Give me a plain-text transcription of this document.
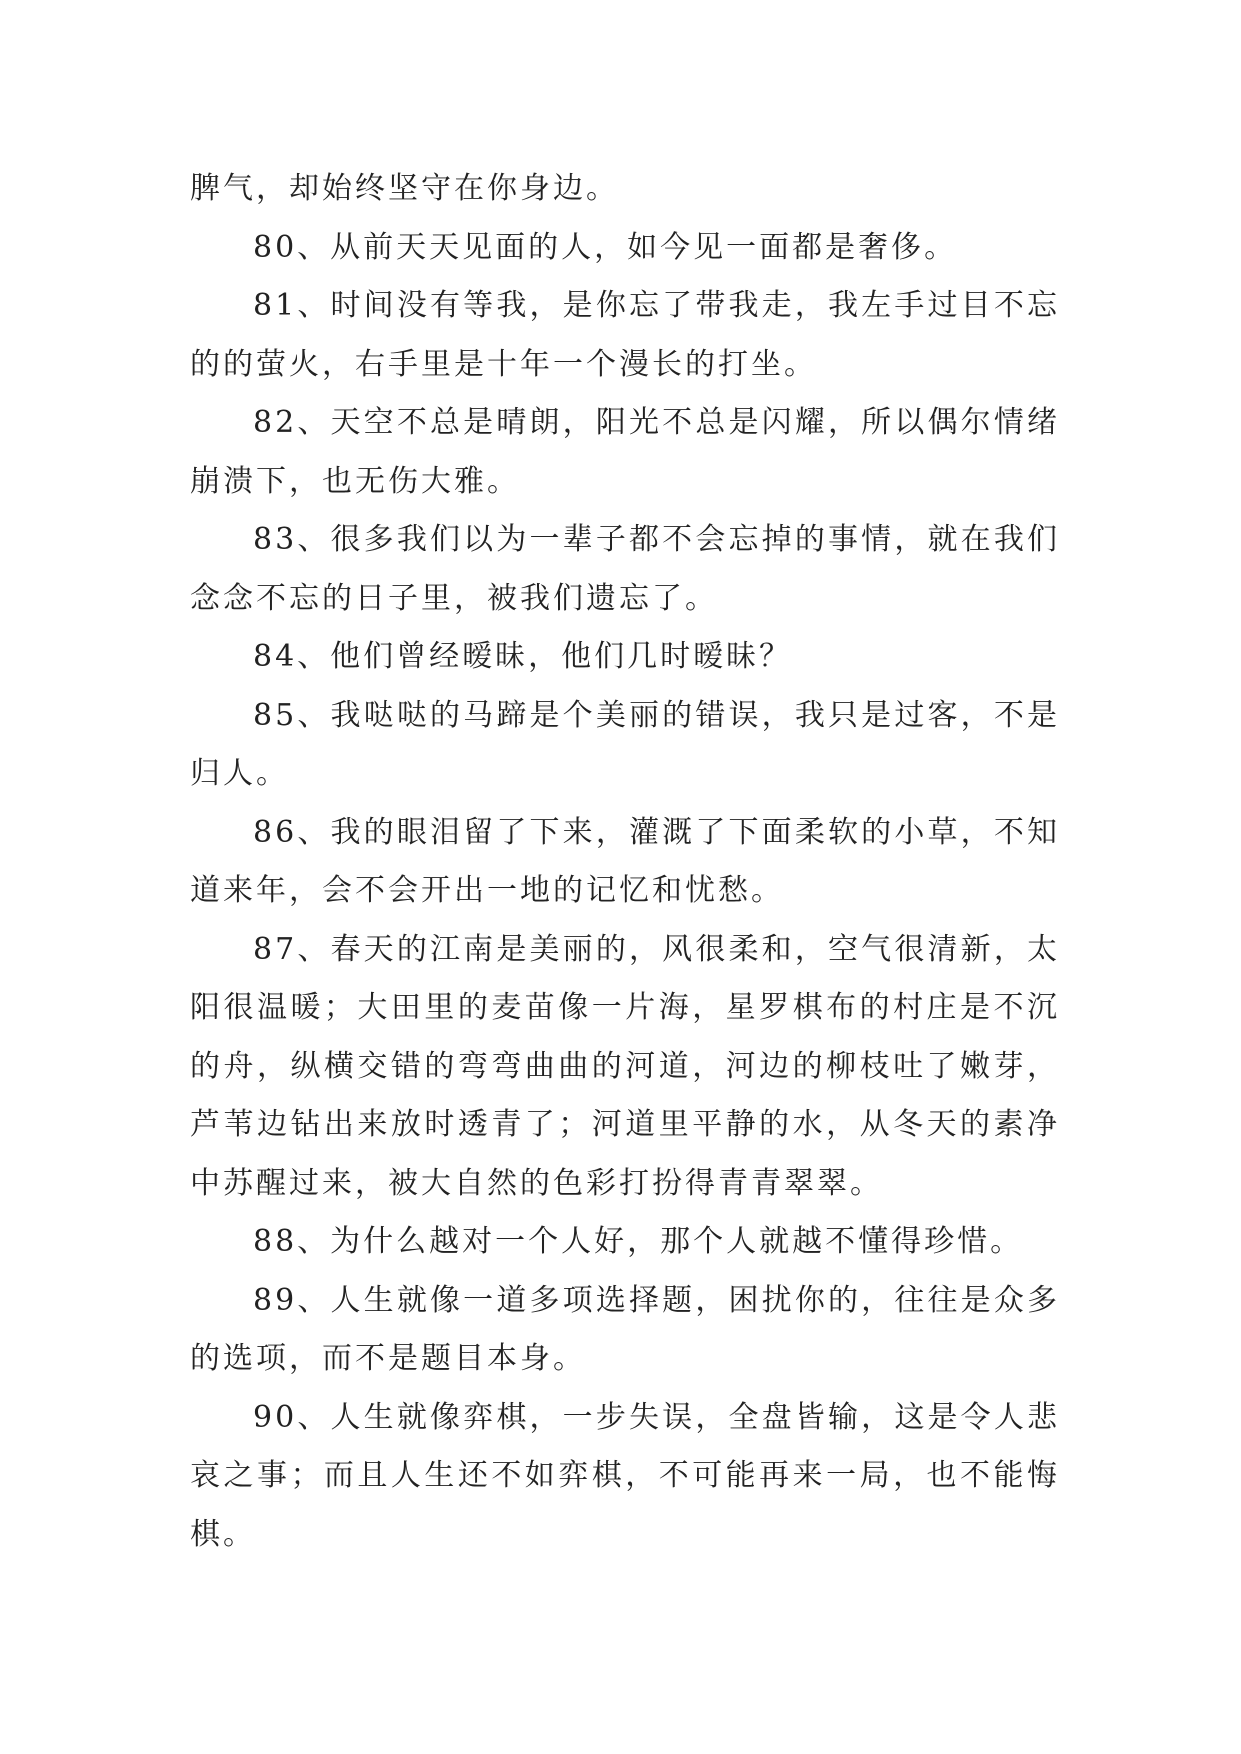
脾气，却始终坚守在你身边。

80、从前天天见面的人，如今见一面都是奢侈。

81、时间没有等我，是你忘了带我走，我左手过目不忘的的萤火，右手里是十年一个漫长的打坐。

82、天空不总是晴朗，阳光不总是闪耀，所以偶尔情绪崩溃下，也无伤大雅。

83、很多我们以为一辈子都不会忘掉的事情，就在我们念念不忘的日子里，被我们遗忘了。

84、他们曾经暧昧，他们几时暧昧？

85、我哒哒的马蹄是个美丽的错误，我只是过客，不是归人。

86、我的眼泪留了下来，灌溉了下面柔软的小草，不知道来年，会不会开出一地的记忆和忧愁。

87、春天的江南是美丽的，风很柔和，空气很清新，太阳很温暖；大田里的麦苗像一片海，星罗棋布的村庄是不沉的舟，纵横交错的弯弯曲曲的河道，河边的柳枝吐了嫩芽，芦苇边钻出来放时透青了；河道里平静的水，从冬天的素净中苏醒过来，被大自然的色彩打扮得青青翠翠。

88、为什么越对一个人好，那个人就越不懂得珍惜。

89、人生就像一道多项选择题，困扰你的，往往是众多的选项，而不是题目本身。

90、人生就像弈棋，一步失误，全盘皆输，这是令人悲哀之事；而且人生还不如弈棋，不可能再来一局，也不能悔棋。
